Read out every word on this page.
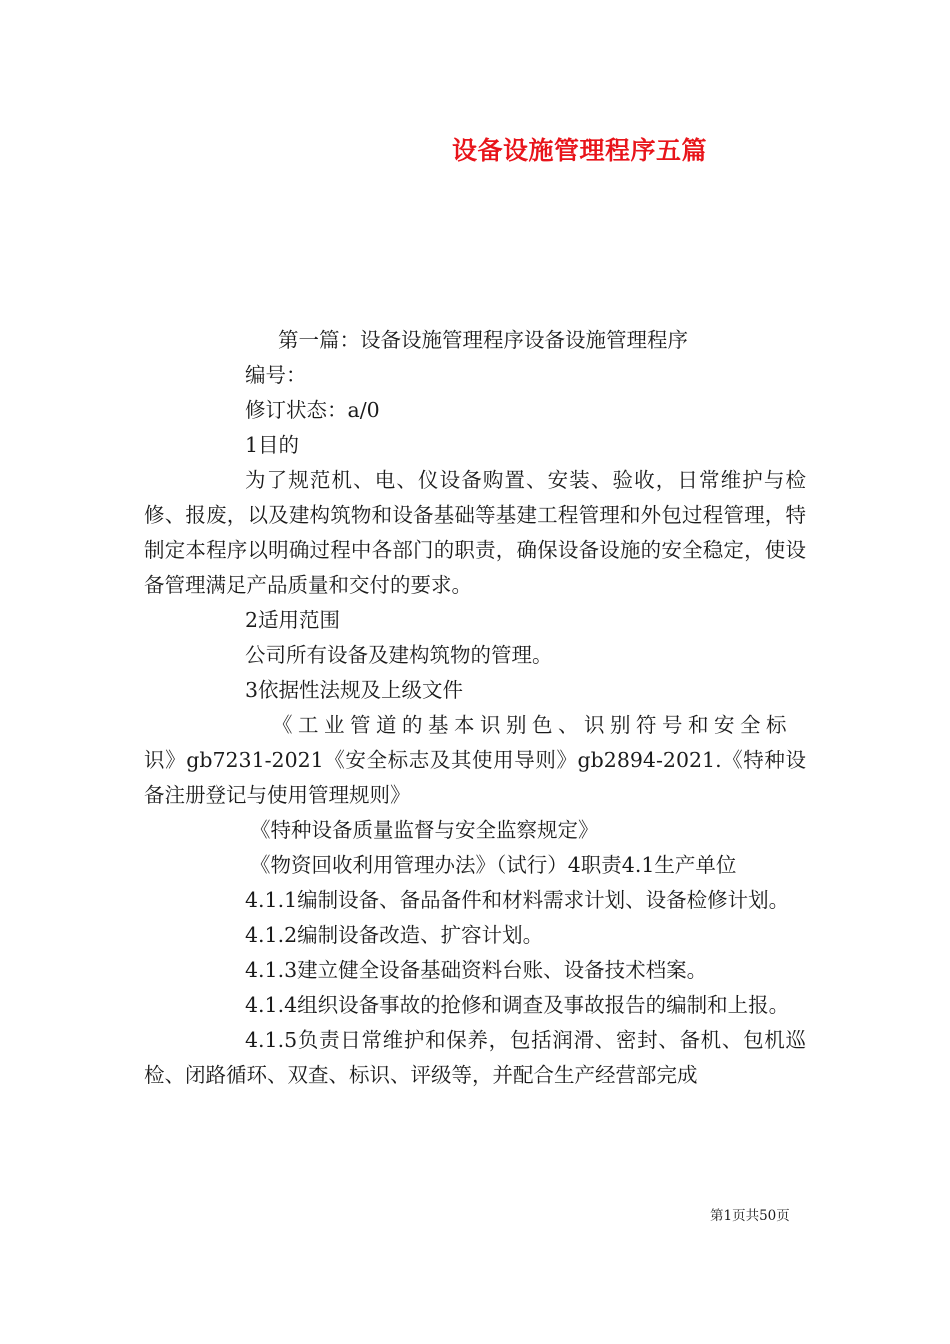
设备设施管理程序五篇

第一篇：设备设施管理程序设备设施管理程序

编号：

修订状态：a/0

1目的

为了规范机、电、仪设备购置、安装、验收，日常维护与检修、报废，以及建构筑物和设备基础等基建工程管理和外包过程管理，特制定本程序以明确过程中各部门的职责，确保设备设施的安全稳定，使设备管理满足产品质量和交付的要求。

2适用范围

公司所有设备及建构筑物的管理。

3依据性法规及上级文件

《工业管道的基本识别色、识别符号和安全标

识》gb7231-2021《安全标志及其使用导则》gb2894-2021.《特种设备注册登记与使用管理规则》

《特种设备质量监督与安全监察规定》

《物资回收利用管理办法》（试行）4职责4.1生产单位

4.1.1编制设备、备品备件和材料需求计划、设备检修计划。

4.1.2编制设备改造、扩容计划。

4.1.3建立健全设备基础资料台账、设备技术档案。

4.1.4组织设备事故的抢修和调查及事故报告的编制和上报。

4.1.5负责日常维护和保养，包括润滑、密封、备机、包机巡检、闭路循环、双查、标识、评级等，并配合生产经营部完成

第1页共50页
